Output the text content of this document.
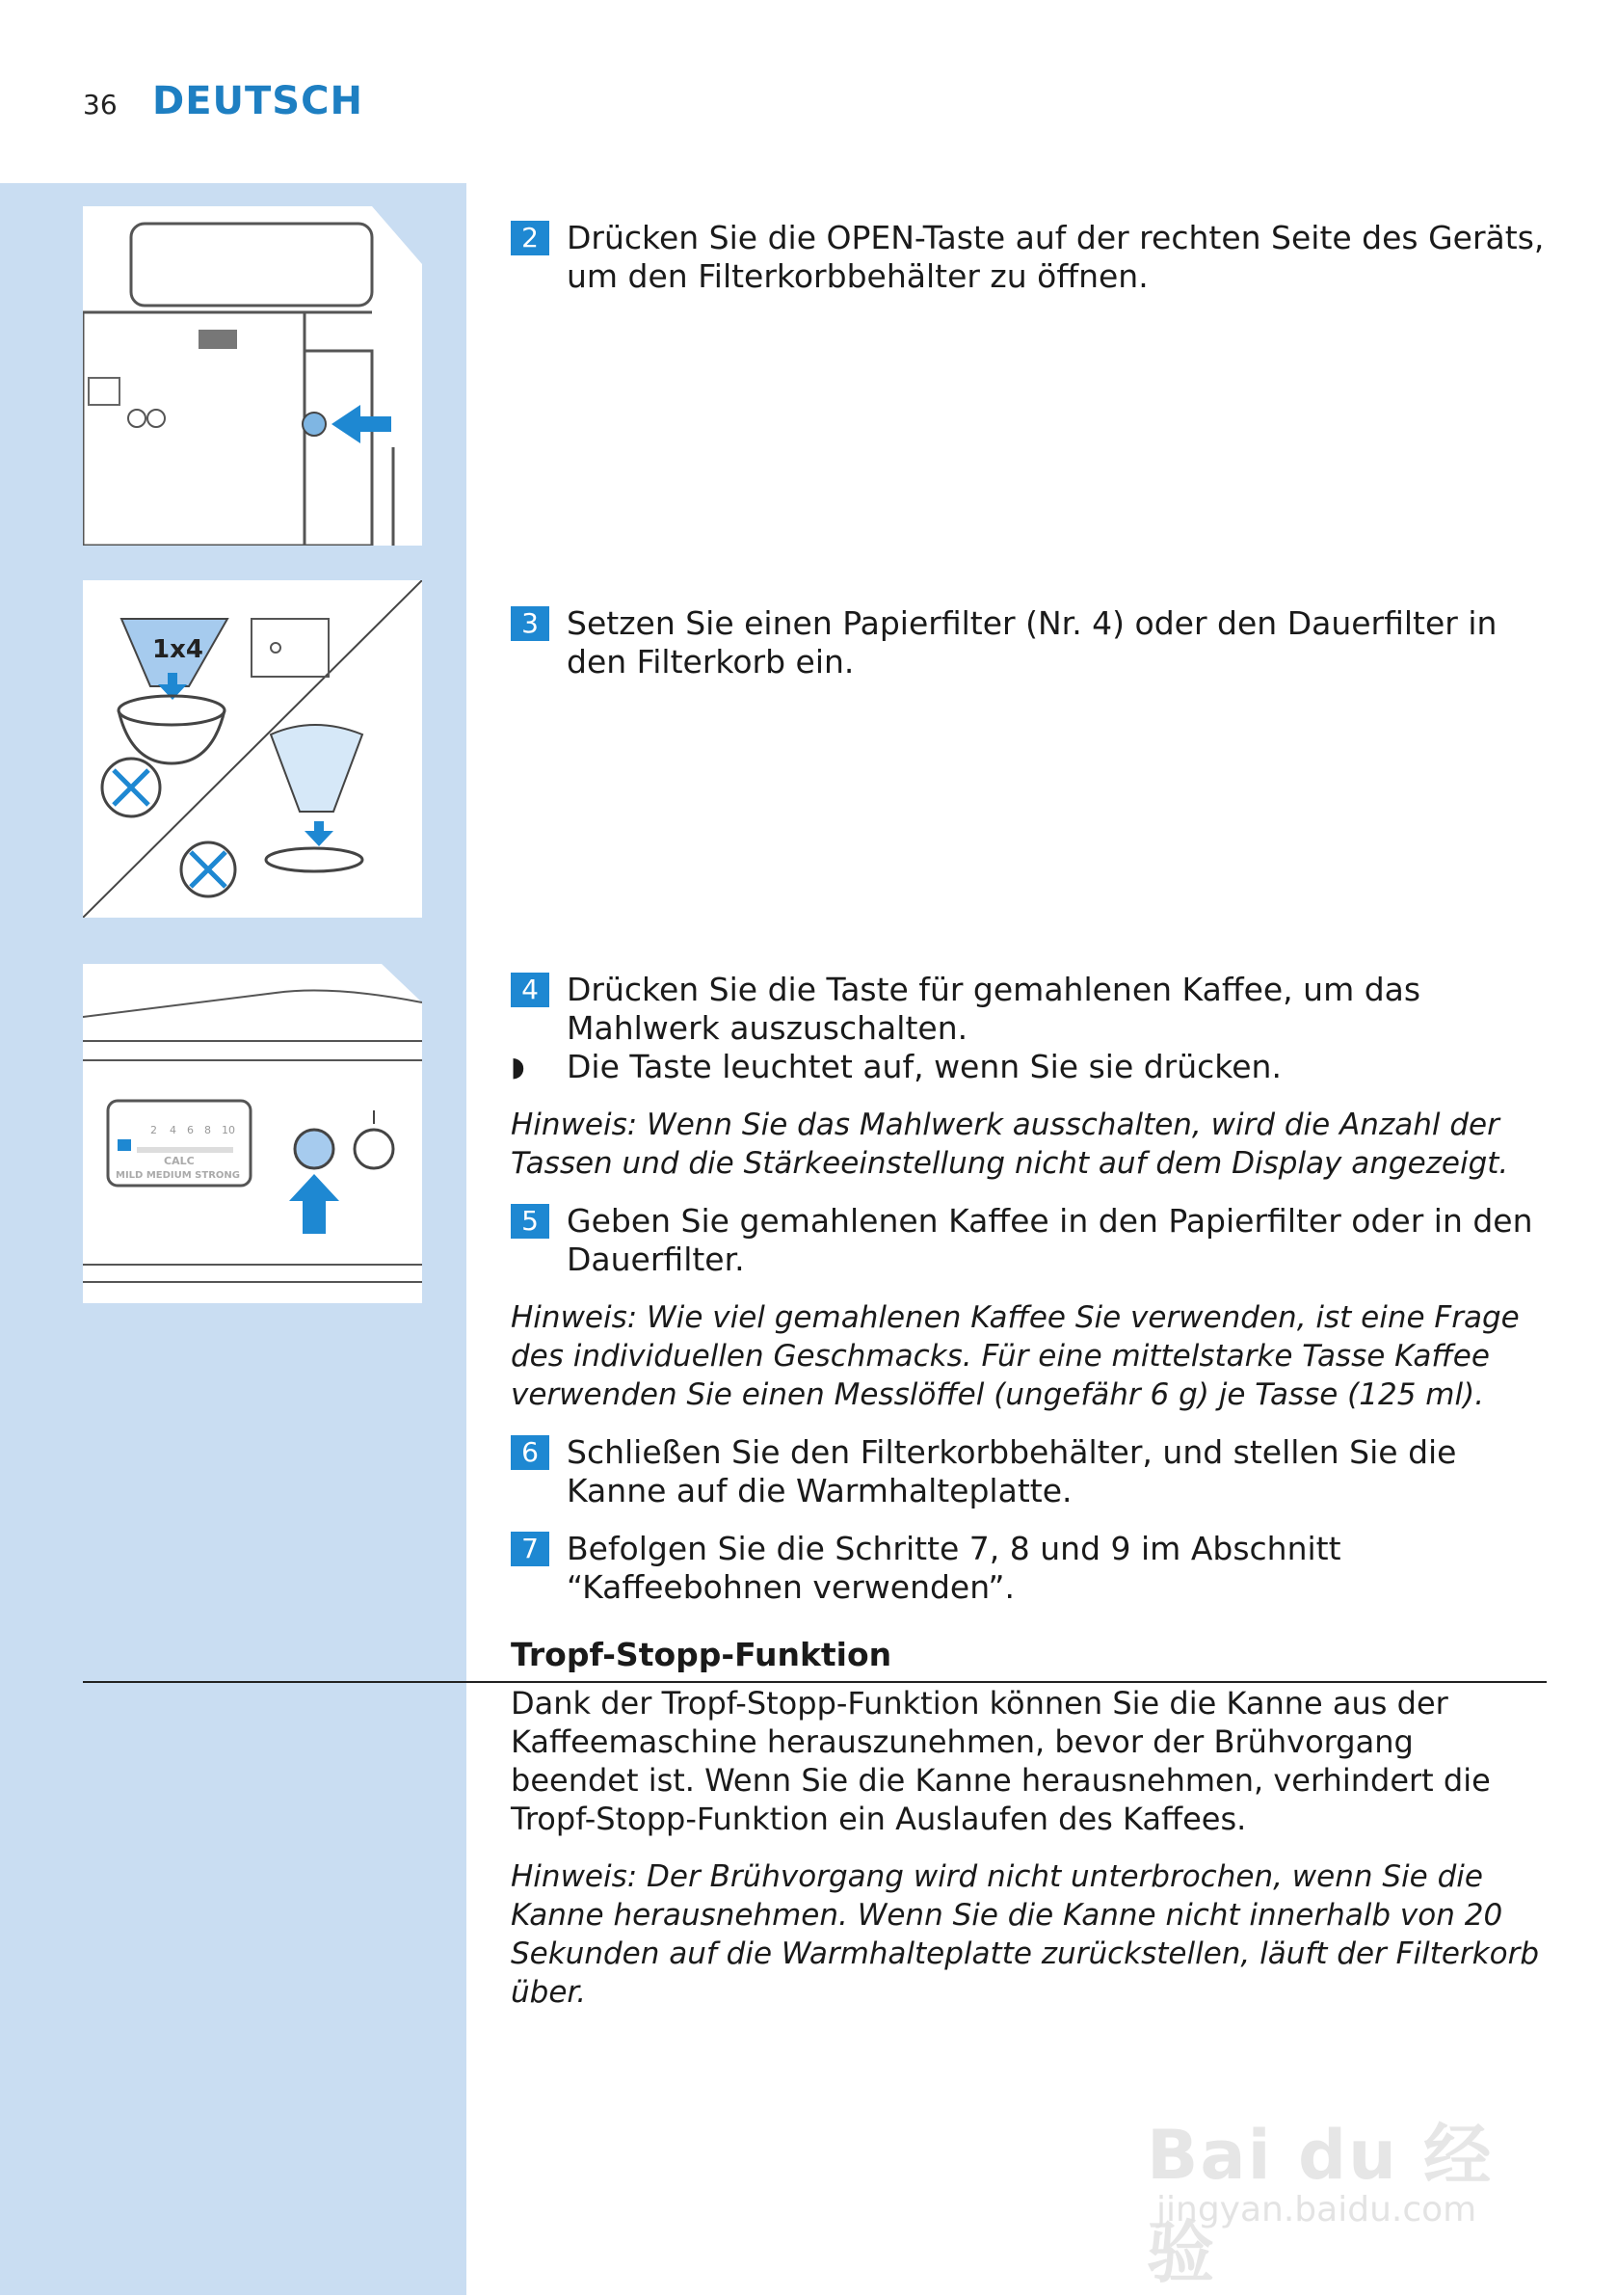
36 DEUTSCH
1x4
2 4 6 8 10
CALC
MILD MEDIUM STRONG
2 Drücken Sie die OPEN-Taste auf der rechten Seite des Geräts, um den Filterkorbbehälter zu öffnen.
3 Setzen Sie einen Papierfilter (Nr. 4) oder den Dauerfilter in den Filterkorb ein.
4 Drücken Sie die Taste für gemahlenen Kaffee, um das Mahlwerk auszuschalten.
◗ Die Taste leuchtet auf, wenn Sie sie drücken.
Hinweis: Wenn Sie das Mahlwerk ausschalten, wird die Anzahl der Tassen und die Stärkeeinstellung nicht auf dem Display angezeigt.
5 Geben Sie gemahlenen Kaffee in den Papierfilter oder in den Dauerfilter.
Hinweis: Wie viel gemahlenen Kaffee Sie verwenden, ist eine Frage des individuellen Geschmacks. Für eine mittelstarke Tasse Kaffee verwenden Sie einen Messlöffel (ungefähr 6 g) je Tasse (125 ml).
6 Schließen Sie den Filterkorbbehälter, und stellen Sie die Kanne auf die Warmhalteplatte.
7 Befolgen Sie die Schritte 7, 8 und 9 im Abschnitt “Kaffeebohnen verwenden”.
Tropf-Stopp-Funktion
Dank der Tropf-Stopp-Funktion können Sie die Kanne aus der Kaffeemaschine herauszunehmen, bevor der Brühvorgang beendet ist. Wenn Sie die Kanne herausnehmen, verhindert die Tropf-Stopp-Funktion ein Auslaufen des Kaffees.
Hinweis: Der Brühvorgang wird nicht unterbrochen, wenn Sie die Kanne herausnehmen. Wenn Sie die Kanne nicht innerhalb von 20 Sekunden auf die Warmhalteplatte zurückstellen, läuft der Filterkorb über.
Bai du 经验
jingyan.baidu.com
